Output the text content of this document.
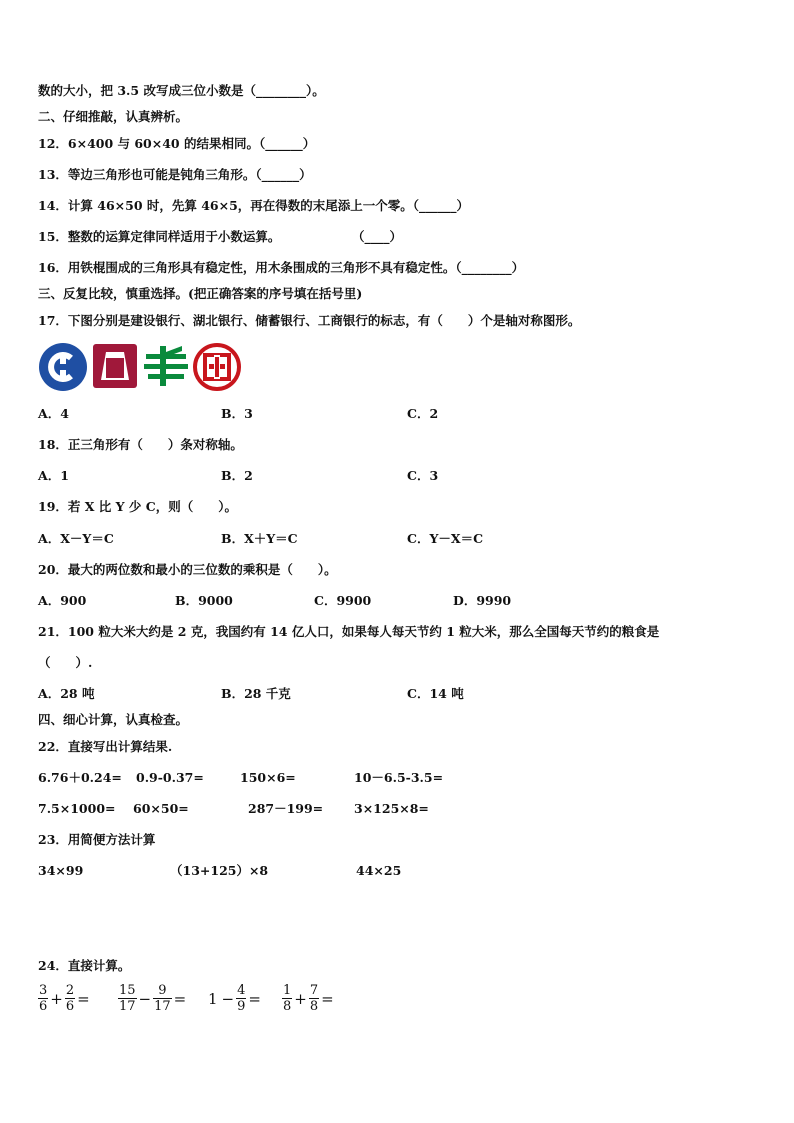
数的大小，把 3.5 改写成三位小数是（________）。
二、仔细推敲，认真辨析。
12．6×400 与 60×40 的结果相同。（______）
13．等边三角形也可能是钝角三角形。（______）
14．计算 46×50 时，先算 46×5，再在得数的末尾添上一个零。（______）
15．整数的运算定律同样适用于小数运算。	（____）
16．用铁棍围成的三角形具有稳定性，用木条围成的三角形不具有稳定性。（________）
三、反复比较，慎重选择。(把正确答案的序号填在括号里)
17．下图分别是建设银行、湖北银行、储蓄银行、工商银行的标志，有（　　）个是轴对称图形。
A．4	B．3	C．2
18．正三角形有（　　）条对称轴。
A．1	B．2	C．3
19．若 X 比 Y 少 C，则（　　）。
A．X－Y＝C	B．X＋Y＝C	C．Y－X＝C
20．最大的两位数和最小的三位数的乘积是（　　）。
A．900	B．9000	C．9900	D．9990
21．100 粒大米大约是 2 克，我国约有 14 亿人口，如果每人每天节约 1 粒大米，那么全国每天节约的粮食是
（　　）.
A．28 吨	B．28 千克	C．14 吨
四、细心计算，认真检查。
22．直接写出计算结果.
6.76＋0.24= 0.9-0.37=	150×6=	10－6.5-3.5=
7.5×1000= 60×50=	287－199= 3×125×8=
23．用简便方法计算
34×99	（13+125）×8	44×25
24．直接计算。
$\frac{3}{6} + \frac{2}{6} = \frac{15}{17} - \frac{9}{17} = 1 - \frac{4}{9} = \frac{1}{8} + \frac{7}{8}$ =
